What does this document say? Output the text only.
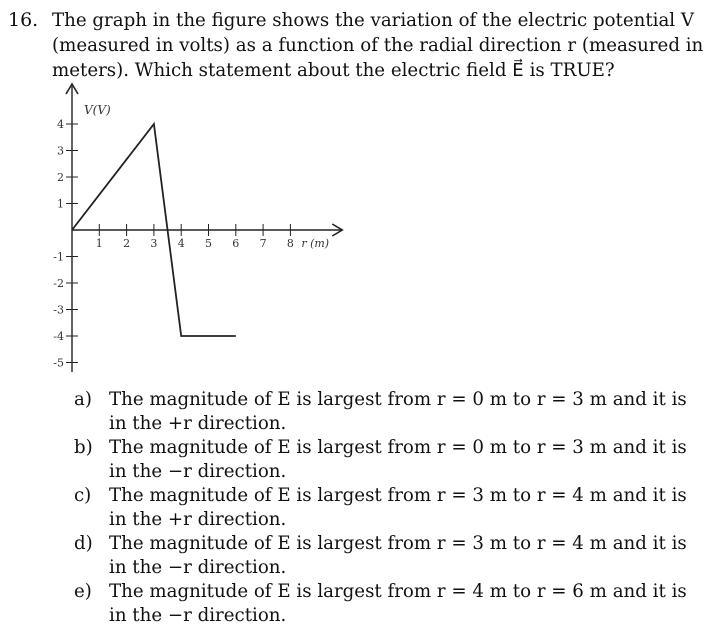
16. The graph in the figure shows the variation of the electric potential V
(measured in volts) as a function of the radial direction r (measured in
meters). Which statement about the electric field E⃗ is TRUE?
1 2 3 4 5 6 7 8
4
3
2
1
-1
-2
-3
-4
-5
V(V)
r (m)
a) The magnitude of E is largest from r = 0 m to r = 3 m and it is
in the +r direction.
b) The magnitude of E is largest from r = 0 m to r = 3 m and it is
in the −r direction.
c) The magnitude of E is largest from r = 3 m to r = 4 m and it is
in the +r direction.
d) The magnitude of E is largest from r = 3 m to r = 4 m and it is
in the −r direction.
e) The magnitude of E is largest from r = 4 m to r = 6 m and it is
in the −r direction.
